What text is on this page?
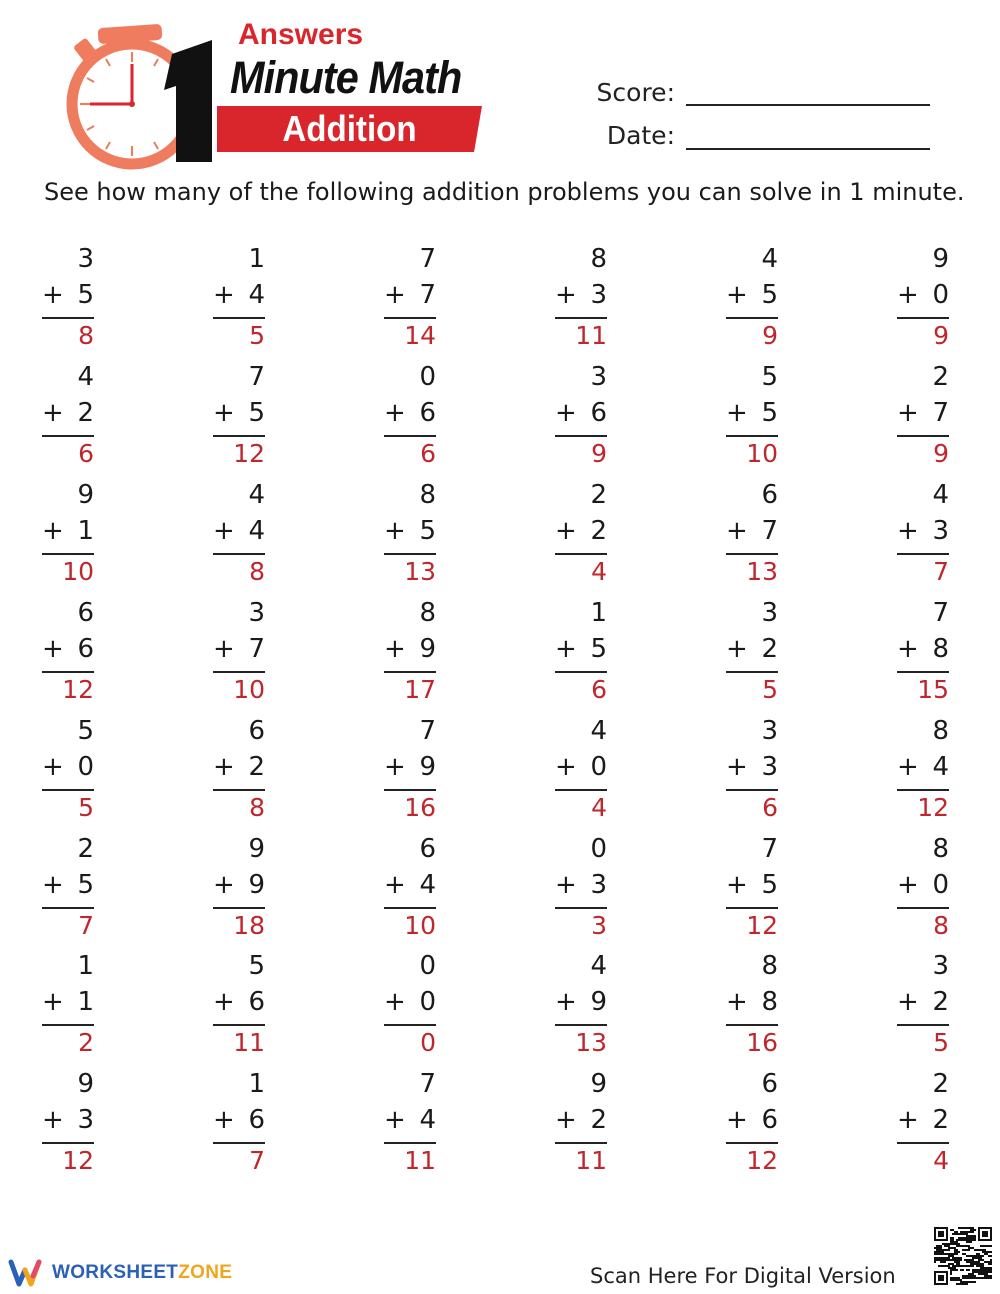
Answers
Minute Math
Addition
Score:
Date:
See how many of the following addition problems you can solve in 1 minute.
3
+ 5
8
1
+ 4
5
7
+ 7
14
8
+ 3
11
4
+ 5
9
9
+ 0
9
4
+ 2
6
7
+ 5
12
0
+ 6
6
3
+ 6
9
5
+ 5
10
2
+ 7
9
9
+ 1
10
4
+ 4
8
8
+ 5
13
2
+ 2
4
6
+ 7
13
4
+ 3
7
6
+ 6
12
3
+ 7
10
8
+ 9
17
1
+ 5
6
3
+ 2
5
7
+ 8
15
5
+ 0
5
6
+ 2
8
7
+ 9
16
4
+ 0
4
3
+ 3
6
8
+ 4
12
2
+ 5
7
9
+ 9
18
6
+ 4
10
0
+ 3
3
7
+ 5
12
8
+ 0
8
1
+ 1
2
5
+ 6
11
0
+ 0
0
4
+ 9
13
8
+ 8
16
3
+ 2
5
9
+ 3
12
1
+ 6
7
7
+ 4
11
9
+ 2
11
6
+ 6
12
2
+ 2
4
WORKSHEETZONE	Scan Here For Digital Version
